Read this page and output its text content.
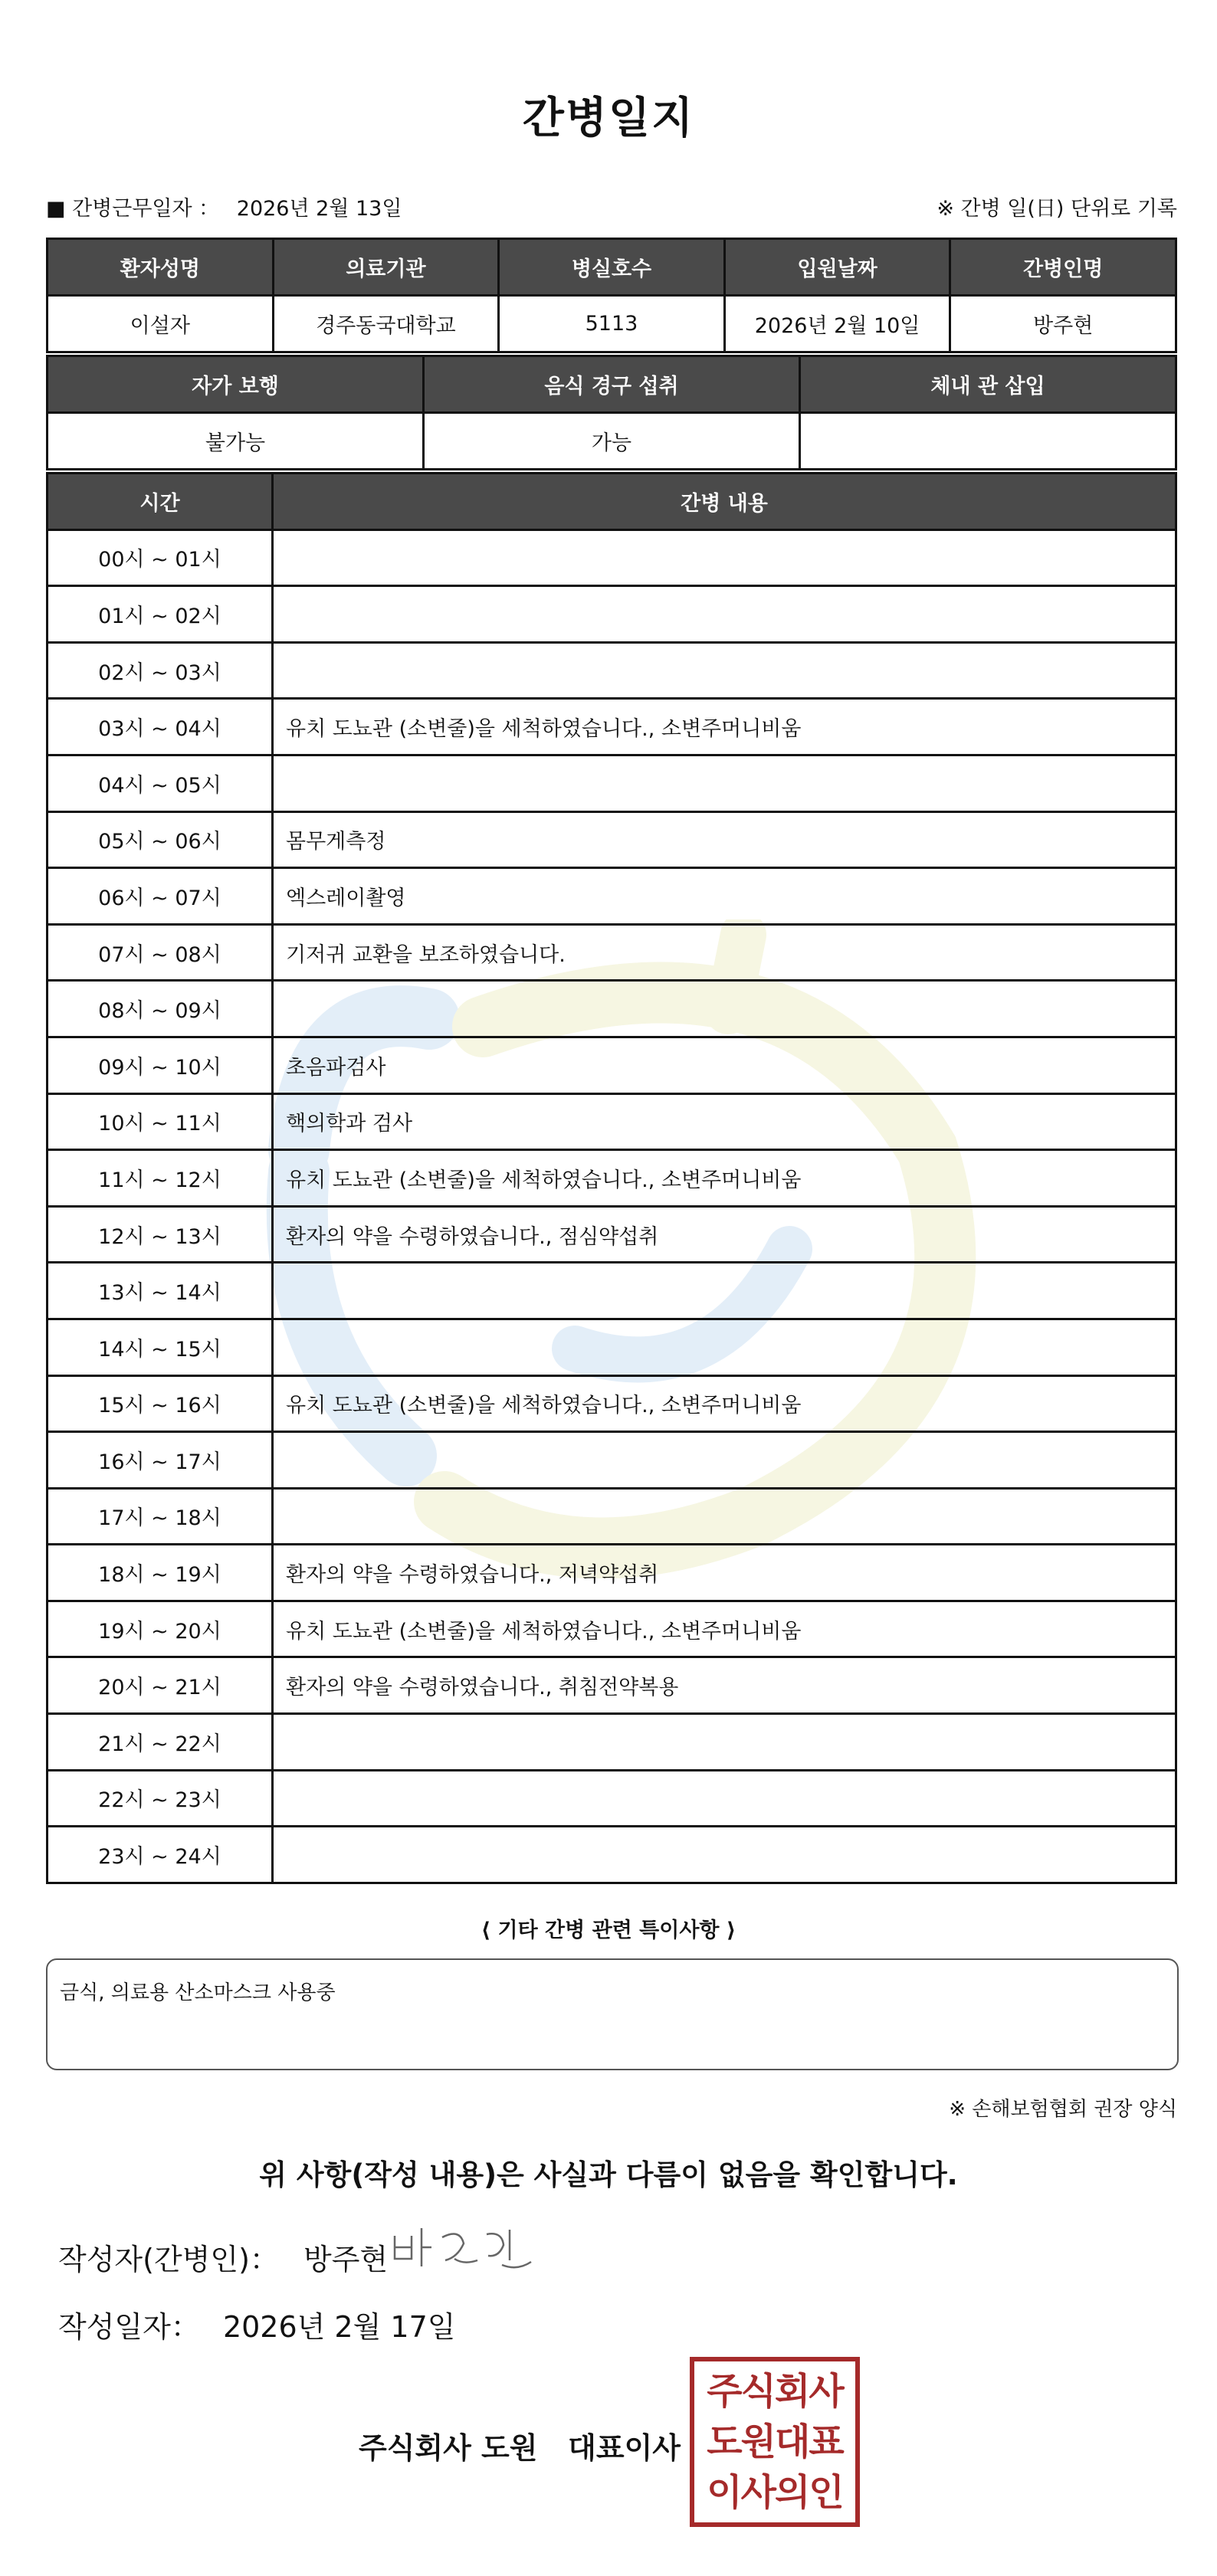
간병일지
■ 간병근무일자 ： 2026년 2월 13일	※ 간병 일(日) 단위로 기록
환자성명	의료기관	병실호수	입원날짜	간병인명
이설자	경주동국대학교	5113	2026년 2월 10일	방주현
자가 보행	음식 경구 섭취	체내 관 삽입
불가능	가능	
시간	간병 내용
00시 ~ 01시	
01시 ~ 02시	
02시 ~ 03시	
03시 ~ 04시	유치 도뇨관 (소변줄)을 세척하였습니다., 소변주머니비움
04시 ~ 05시	
05시 ~ 06시	몸무게측정
06시 ~ 07시	엑스레이촬영
07시 ~ 08시	기저귀 교환을 보조하였습니다.
08시 ~ 09시	
09시 ~ 10시	초음파검사
10시 ~ 11시	핵의학과 검사
11시 ~ 12시	유치 도뇨관 (소변줄)을 세척하였습니다., 소변주머니비움
12시 ~ 13시	환자의 약을 수령하였습니다., 점심약섭취
13시 ~ 14시	
14시 ~ 15시	
15시 ~ 16시	유치 도뇨관 (소변줄)을 세척하였습니다., 소변주머니비움
16시 ~ 17시	
17시 ~ 18시	
18시 ~ 19시	환자의 약을 수령하였습니다., 저녁약섭취
19시 ~ 20시	유치 도뇨관 (소변줄)을 세척하였습니다., 소변주머니비움
20시 ~ 21시	환자의 약을 수령하였습니다., 취침전약복용
21시 ~ 22시	
22시 ~ 23시	
23시 ~ 24시	
⟨ 기타 간병 관련 특이사항 ⟩
금식, 의료용 산소마스크 사용중
※ 손해보험협회 권장 양식
위 사항(작성 내용)은 사실과 다름이 없음을 확인합니다.
작성자(간병인)： 방주현
작성일자： 2026년 2월 17일
주식회사 도원   대표이사
주식회사
도원대표
이사의인
